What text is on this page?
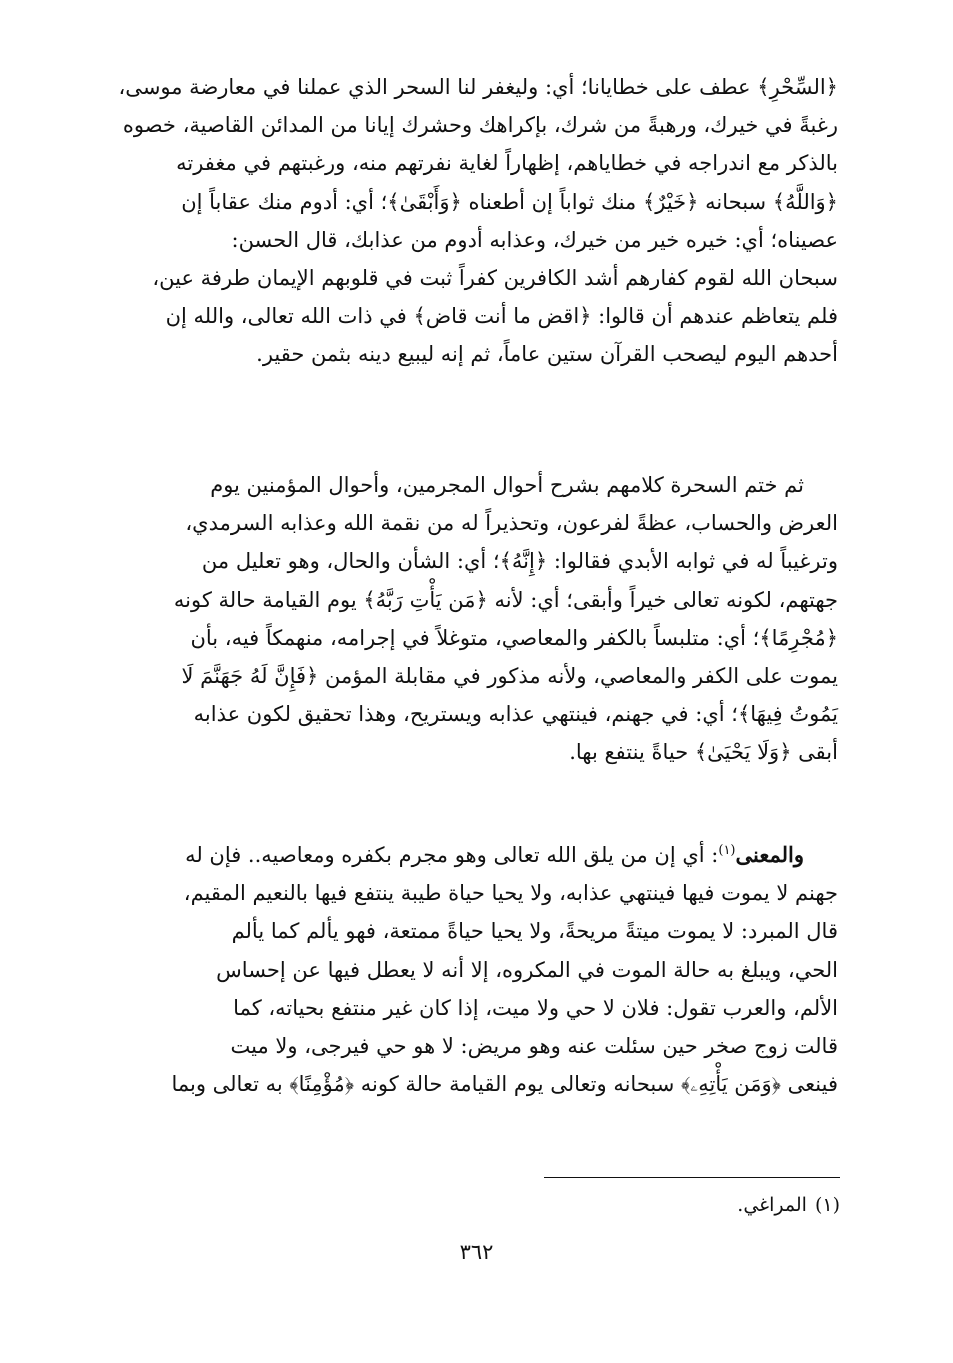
﴿السِّحْرِ﴾ عطف على خطايانا؛ أي: وليغفر لنا السحر الذي عملنا في معارضة موسى،

رغبةً في خيرك، ورهبةً من شرك، بإكراهك وحشرك إيانا من المدائن القاصية، خصوه

بالذكر مع اندراجه في خطاياهم، إظهاراً لغاية نفرتهم منه، ورغبتهم في مغفرته

﴿وَاللَّهُ﴾ سبحانه ﴿خَيْرٌ﴾ منك ثواباً إن أطعناه ﴿وَأَبْقَىٰ﴾؛ أي: أدوم منك عقاباً إن

عصيناه؛ أي: خيره خير من خيرك، وعذابه أدوم من عذابك، قال الحسن:

سبحان الله لقوم كفارهم أشد الكافرين كفراً ثبت في قلوبهم الإيمان طرفة عين،

فلم يتعاظم عندهم أن قالوا: ﴿اقض ما أنت قاض﴾ في ذات الله تعالى، والله إن

أحدهم اليوم ليصحب القرآن ستين عاماً، ثم إنه ليبيع دينه بثمن حقير.

ثم ختم السحرة كلامهم بشرح أحوال المجرمين، وأحوال المؤمنين يوم

العرض والحساب، عظةً لفرعون، وتحذيراً له من نقمة الله وعذابه السرمدي،

وترغيباً له في ثوابه الأبدي فقالوا: ﴿إِنَّهُ﴾؛ أي: الشأن والحال، وهو تعليل من

جهتهم، لكونه تعالى خيراً وأبقى؛ أي: لأنه ﴿مَن يَأْتِ رَبَّهُ﴾ يوم القيامة حالة كونه

﴿مُجْرِمًا﴾؛ أي: متلبساً بالكفر والمعاصي، متوغلاً في إجرامه، منهمكاً فيه، بأن

يموت على الكفر والمعاصي، ولأنه مذكور في مقابلة المؤمن ﴿فَإِنَّ لَهُ جَهَنَّمَ لَا

يَمُوتُ فِيهَا﴾؛ أي: في جهنم، فينتهي عذابه ويستريح، وهذا تحقيق لكون عذابه

أبقى ﴿وَلَا يَحْيَىٰ﴾ حياةً ينتفع بها.

والمعنى$^{(١)}$: أي إن من يلق الله تعالى وهو مجرم بكفره ومعاصيه.. فإن له

جهنم لا يموت فيها فينتهي عذابه، ولا يحيا حياة طيبة ينتفع فيها بالنعيم المقيم،

قال المبرد: لا يموت ميتةً مريحةً، ولا يحيا حياةً ممتعة، فهو يألم كما يألم

الحي، ويبلغ به حالة الموت في المكروه، إلا أنه لا يعطل فيها عن إحساس

الألم، والعرب تقول: فلان لا حي ولا ميت، إذا كان غير منتفع بحياته، كما

قالت زوج صخر حين سئلت عنه وهو مريض: لا هو حي فيرجى، ولا ميت

فينعى ﴿وَمَن يَأْتِهِۦ﴾ سبحانه وتعالى يوم القيامة حالة كونه ﴿مُؤْمِنًا﴾ به تعالى وبما

(١)المراغي.
٣٦٢
